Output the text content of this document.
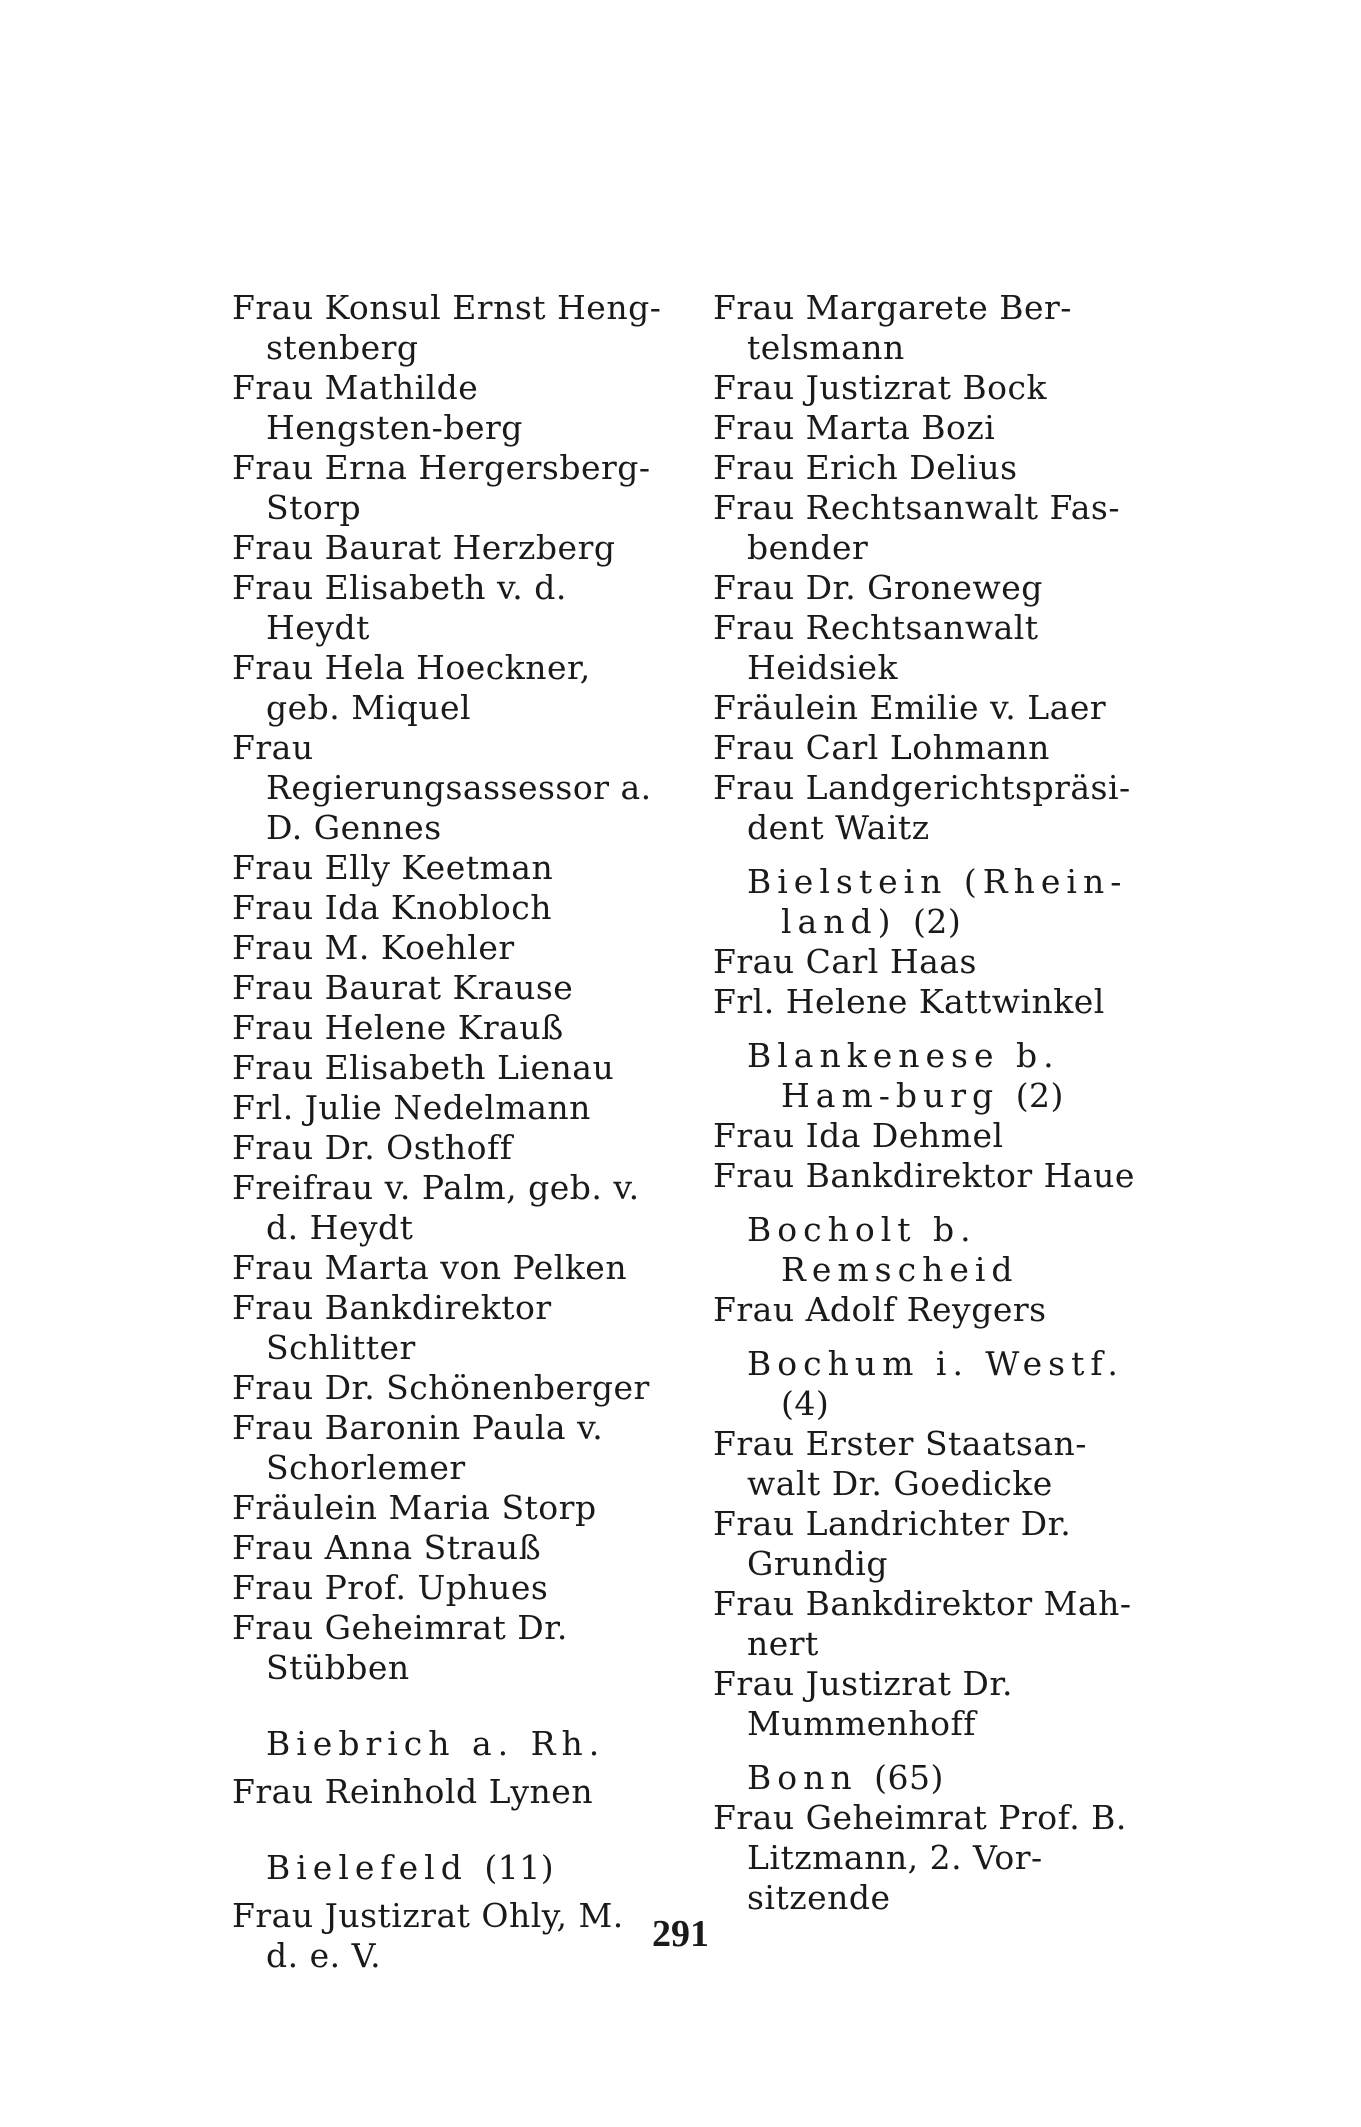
Frau Konsul Ernst Heng-stenberg
Frau Mathilde Hengsten-berg
Frau Erna Hergersberg-Storp
Frau Baurat Herzberg
Frau Elisabeth v. d. Heydt
Frau Hela Hoeckner, geb. Miquel
Frau Regierungsassessor a. D. Gennes
Frau Elly Keetman
Frau Ida Knobloch
Frau M. Koehler
Frau Baurat Krause
Frau Helene Krauß
Frau Elisabeth Lienau
Frl. Julie Nedelmann
Frau Dr. Osthoff
Freifrau v. Palm, geb. v. d. Heydt
Frau Marta von Pelken
Frau Bankdirektor Schlitter
Frau Dr. Schönenberger
Frau Baronin Paula v. Schorlemer
Fräulein Maria Storp
Frau Anna Strauß
Frau Prof. Uphues
Frau Geheimrat Dr. Stübben
Biebrich a. Rh.
Frau Reinhold Lynen
Bielefeld (11)
Frau Justizrat Ohly, M. d. e. V.
Frau Margarete Ber-telsmann
Frau Justizrat Bock
Frau Marta Bozi
Frau Erich Delius
Frau Rechtsanwalt Fas-bender
Frau Dr. Groneweg
Frau Rechtsanwalt Heidsiek
Fräulein Emilie v. Laer
Frau Carl Lohmann
Frau Landgerichtspräsi-dent Waitz
Bielstein (Rhein-land) (2)
Frau Carl Haas
Frl. Helene Kattwinkel
Blankenese b. Ham-burg (2)
Frau Ida Dehmel
Frau Bankdirektor Haue
Bocholt b. Remscheid
Frau Adolf Reygers
Bochum i. Westf. (4)
Frau Erster Staatsan-walt Dr. Goedicke
Frau Landrichter Dr. Grundig
Frau Bankdirektor Mah-nert
Frau Justizrat Dr. Mummenhoff
Bonn (65)
Frau Geheimrat Prof. B. Litzmann, 2. Vor-sitzende
291
